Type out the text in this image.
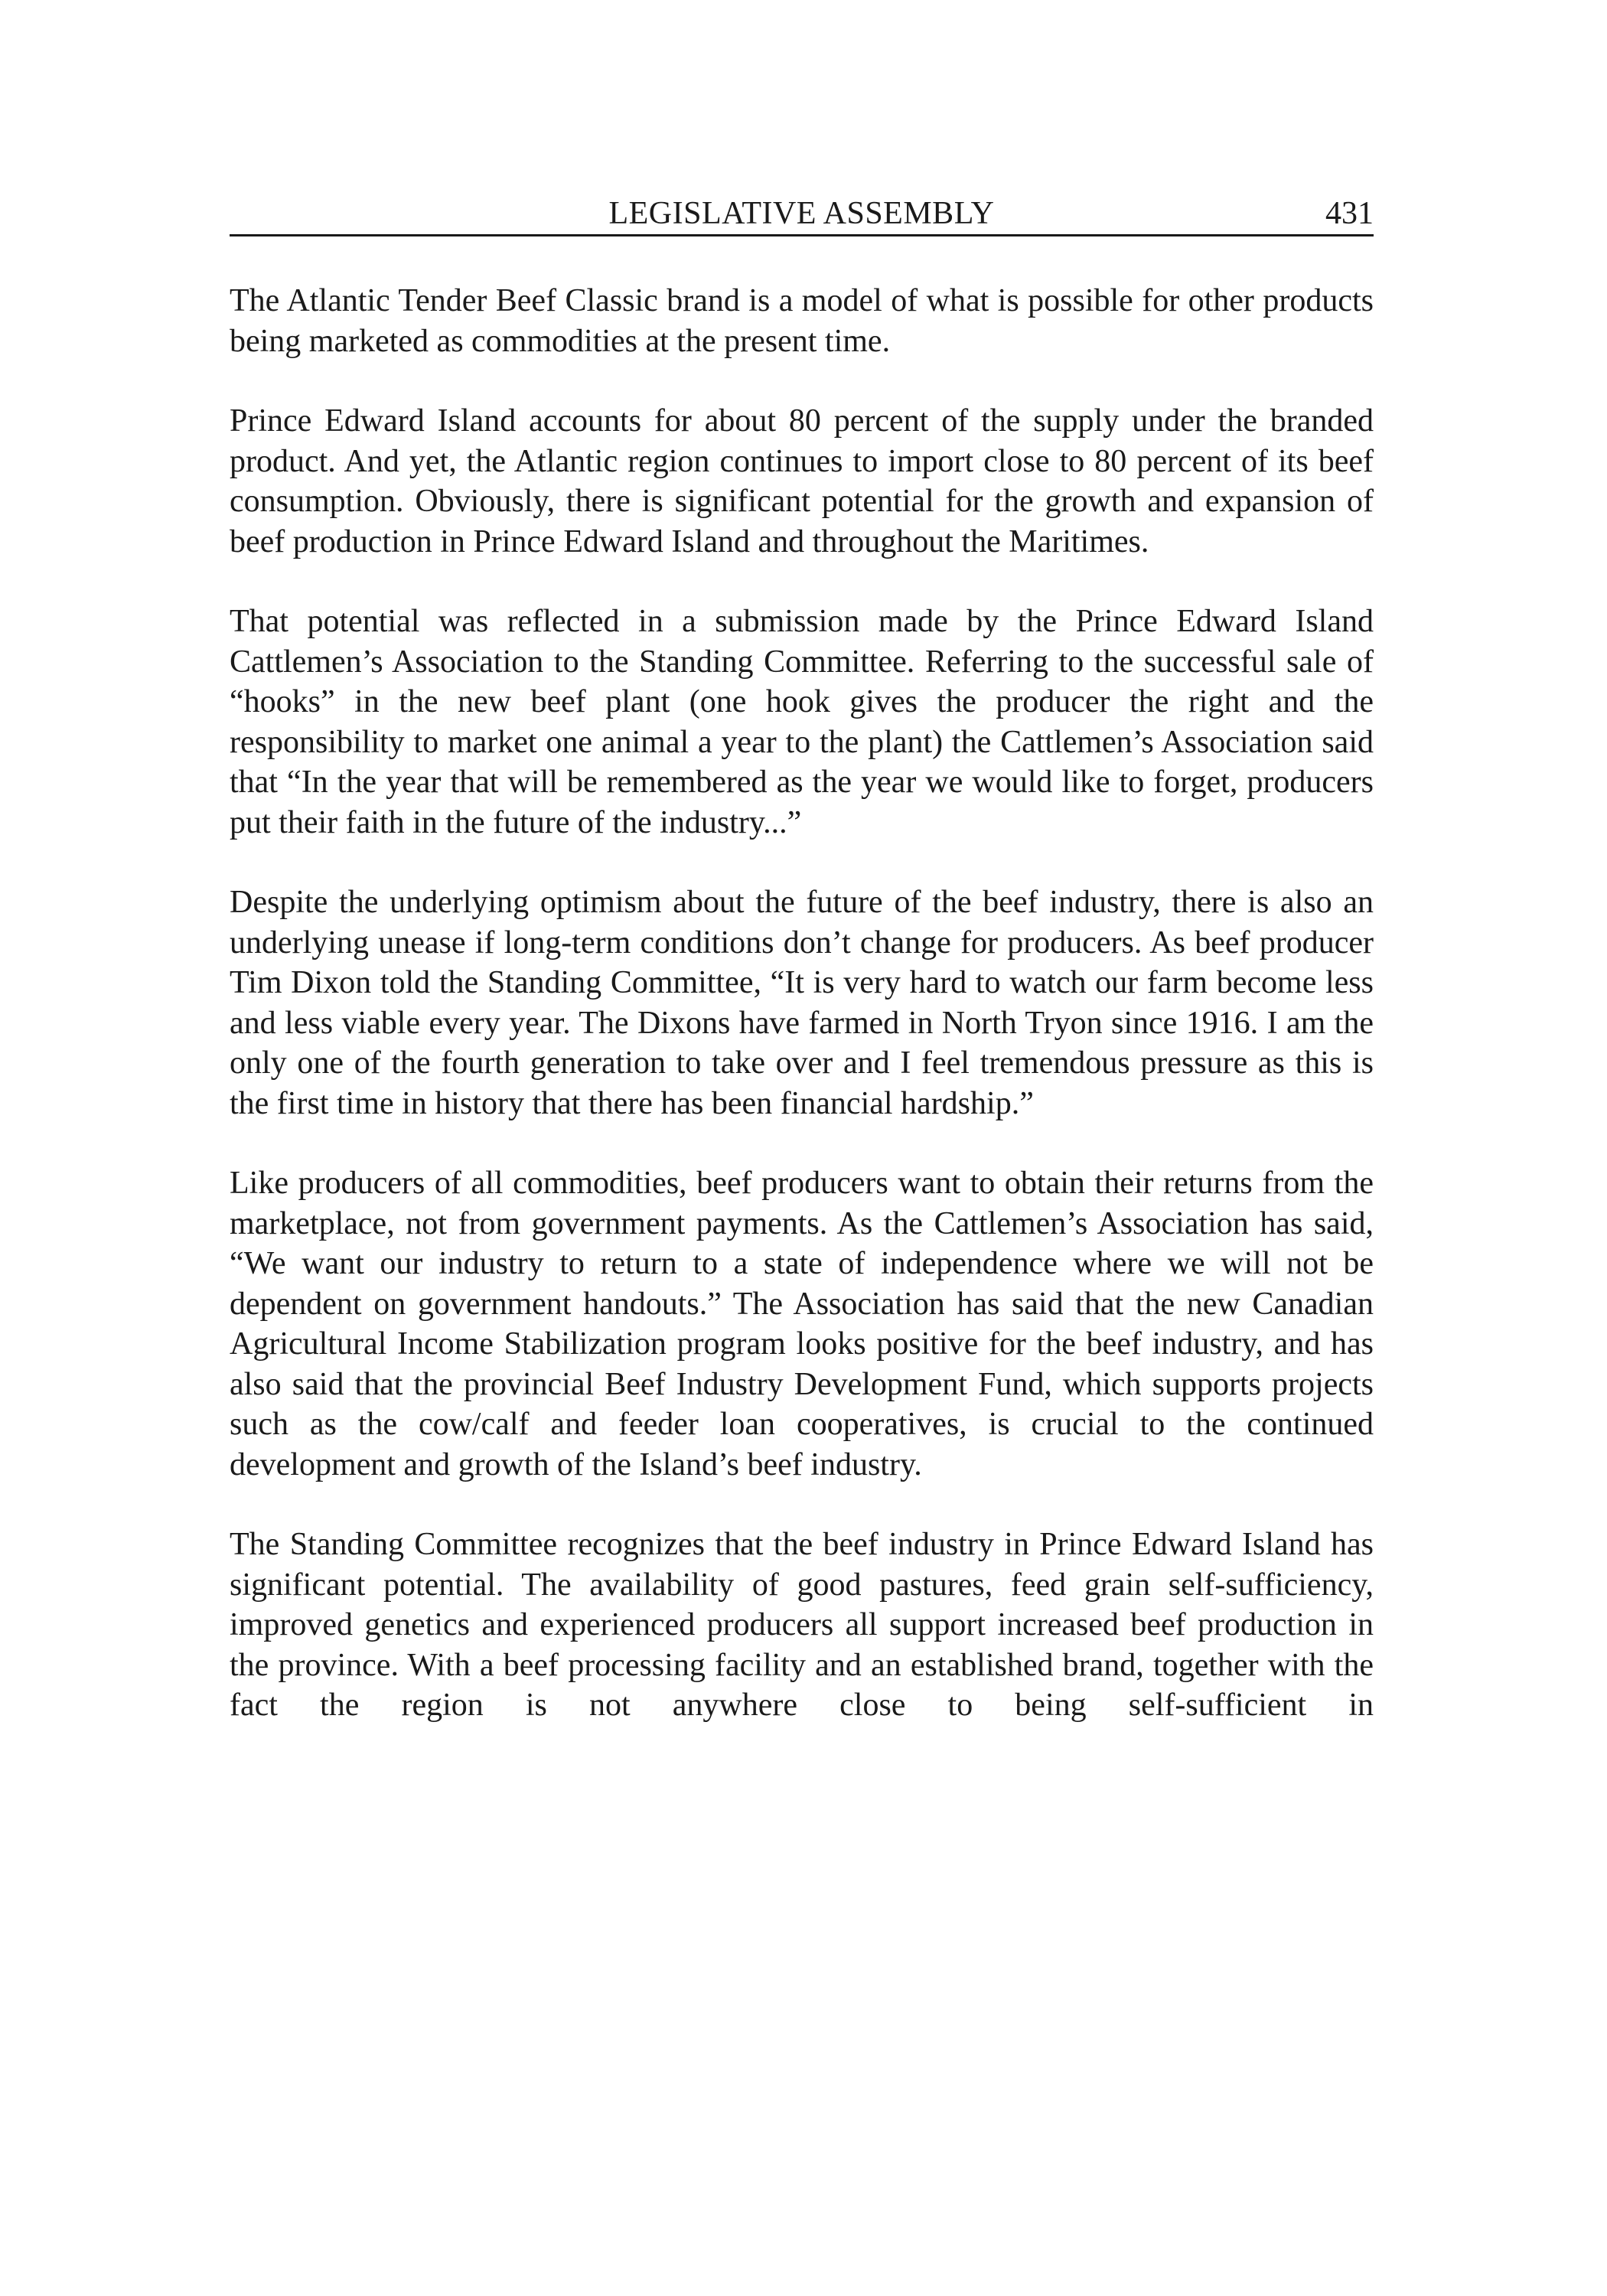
LEGISLATIVE ASSEMBLY	431

The Atlantic Tender Beef Classic brand is a model of what is possible for other products being marketed as commodities at the present time.

Prince Edward Island accounts for about 80 percent of the supply under the branded product. And yet, the Atlantic region continues to import close to 80 percent of its beef consumption. Obviously, there is significant potential for the growth and expansion of beef production in Prince Edward Island and throughout the Maritimes.

That potential was reflected in a submission made by the Prince Edward Island Cattlemen’s Association to the Standing Committee. Referring to the successful sale of “hooks” in the new beef plant (one hook gives the producer the right and the responsibility to market one animal a year to the plant) the Cattlemen’s Association said that “In the year that will be remembered as the year we would like to forget, producers put their faith in the future of the industry...”

Despite the underlying optimism about the future of the beef industry, there is also an underlying unease if long-term conditions don’t change for producers. As beef producer Tim Dixon told the Standing Committee, “It is very hard to watch our farm become less and less viable every year. The Dixons have farmed in North Tryon since 1916. I am the only one of the fourth generation to take over and I feel tremendous pressure as this is the first time in history that there has been financial hardship.”

Like producers of all commodities, beef producers want to obtain their returns from the marketplace, not from government payments. As the Cattlemen’s Association has said, “We want our industry to return to a state of independence where we will not be dependent on government handouts.” The Association has said that the new Canadian Agricultural Income Stabilization program looks positive for the beef industry, and has also said that the provincial Beef Industry Development Fund, which supports projects such as the cow/calf and feeder loan cooperatives, is crucial to the continued development and growth of the Island’s beef industry.

The Standing Committee recognizes that the beef industry in Prince Edward Island has significant potential. The availability of good pastures, feed grain self-sufficiency, improved genetics and experienced producers all support increased beef production in the province. With a beef processing facility and an established brand, together with the fact the region is not anywhere close to being self-sufficient in
